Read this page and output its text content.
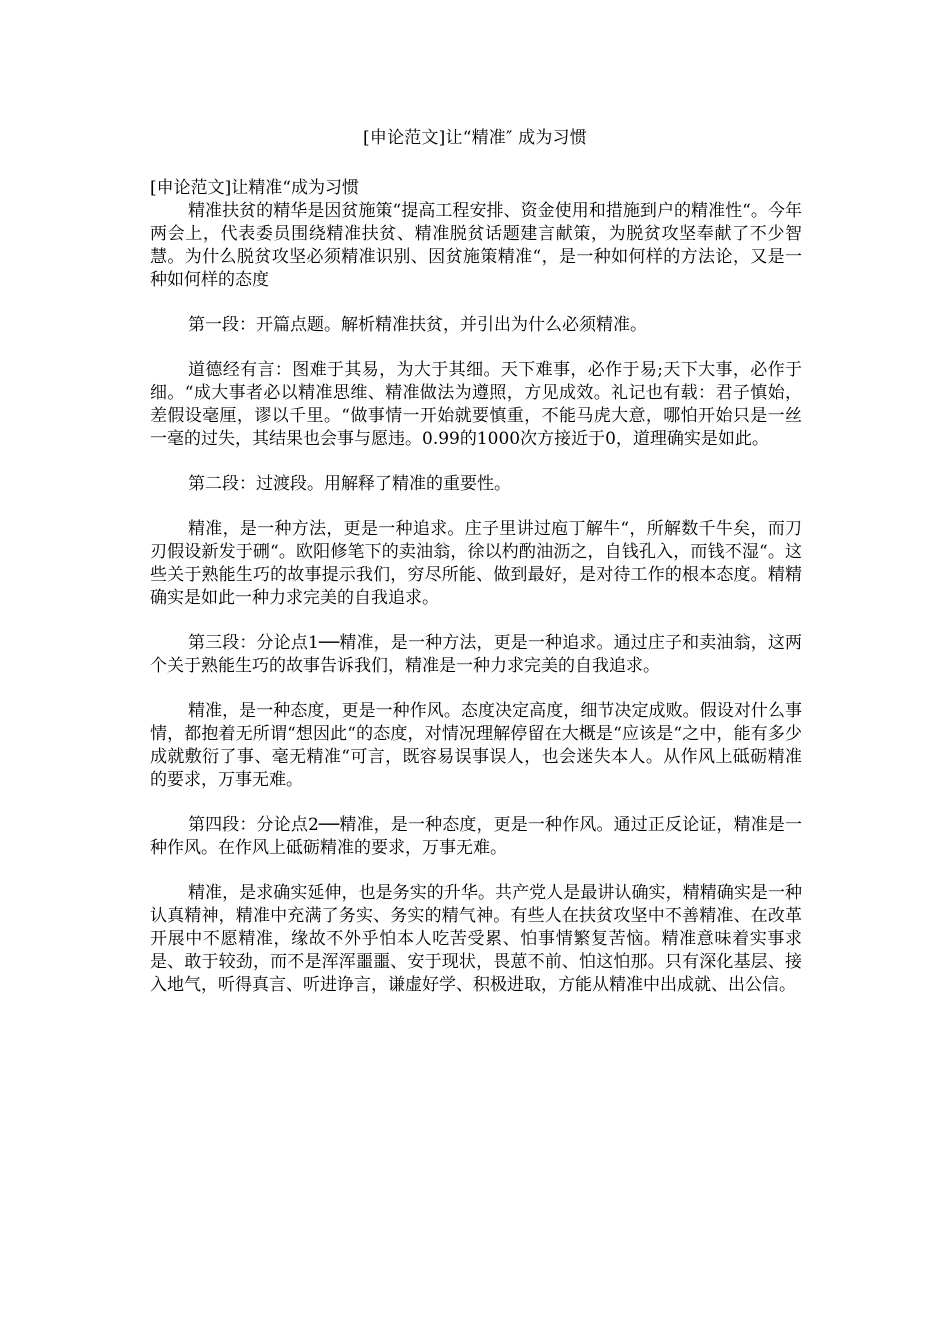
[申论范文]让“精准″ 成为习惯

[申论范文]让精准“成为习惯

精准扶贫的精华是因贫施策“提高工程安排、资金使用和措施到户的精准性“。今年两会上，代表委员围绕精准扶贫、精准脱贫话题建言献策，为脱贫攻坚奉献了不少智慧。为什么脱贫攻坚必须精准识别、因贫施策精准“，是一种如何样的方法论，又是一种如何样的态度

第一段：开篇点题。解析精准扶贫，并引出为什么必须精准。

道德经有言：图难于其易，为大于其细。天下难事，必作于易;天下大事，必作于细。“成大事者必以精准思维、精准做法为遵照，方见成效。礼记也有载：君子慎始，差假设毫厘，谬以千里。“做事情一开始就要慎重，不能马虎大意，哪怕开始只是一丝一毫的过失，其结果也会事与愿违。0.99的1000次方接近于0，道理确实是如此。

第二段：过渡段。用解释了精准的重要性。

精准，是一种方法，更是一种追求。庄子里讲过庖丁解牛“，所解数千牛矣，而刀刃假设新发于硎“。欧阳修笔下的卖油翁，徐以杓酌油沥之，自钱孔入，而钱不湿“。这些关于熟能生巧的故事提示我们，穷尽所能、做到最好，是对待工作的根本态度。精精确实是如此一种力求完美的自我追求。

第三段：分论点1──精准，是一种方法，更是一种追求。通过庄子和卖油翁，这两个关于熟能生巧的故事告诉我们，精准是一种力求完美的自我追求。

精准，是一种态度，更是一种作风。态度决定高度，细节决定成败。假设对什么事情，都抱着无所谓“想因此“的态度，对情况理解停留在大概是“应该是“之中，能有多少成就敷衍了事、毫无精准“可言，既容易误事误人，也会迷失本人。从作风上砥砺精准的要求，万事无难。

第四段：分论点2──精准，是一种态度，更是一种作风。通过正反论证，精准是一种作风。在作风上砥砺精准的要求，万事无难。

精准，是求确实延伸，也是务实的升华。共产党人是最讲认确实，精精确实是一种认真精神，精准中充满了务实、务实的精气神。有些人在扶贫攻坚中不善精准、在改革开展中不愿精准，缘故不外乎怕本人吃苦受累、怕事情繁复苦恼。精准意味着实事求是、敢于较劲，而不是浑浑噩噩、安于现状，畏葸不前、怕这怕那。只有深化基层、接入地气，听得真言、听进诤言，谦虚好学、积极进取，方能从精准中出成就、出公信。
